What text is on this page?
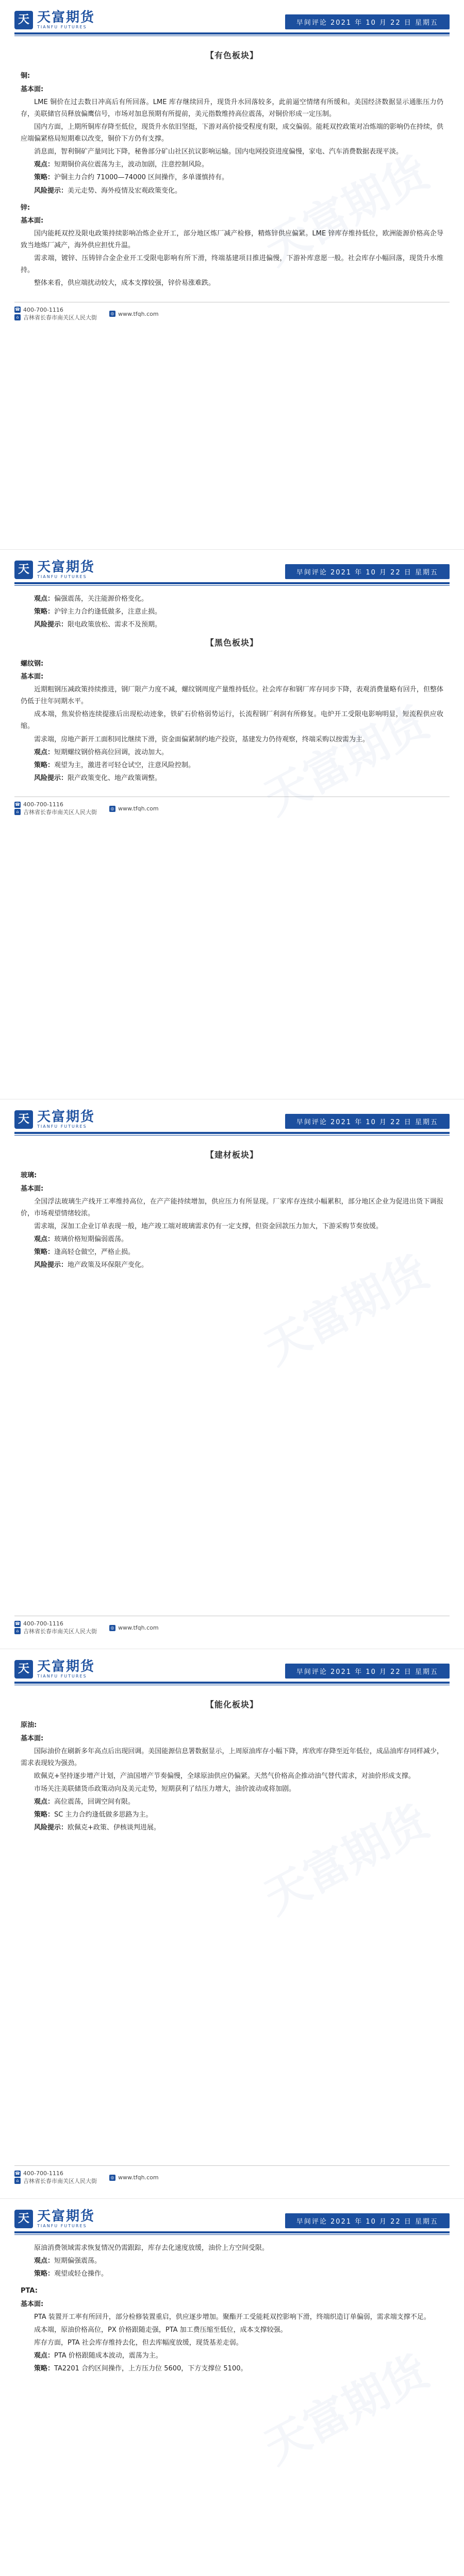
天 天富期货
TIANFU FUTURES
早间评论 2021 年 10 月 22 日 星期五
【有色板块】
铜:
基本面:

LME 铜价在过去数日冲高后有所回落。LME 库存继续回升，现货升水回落较多，此前逼空情绪有所缓和。美国经济数据显示通胀压力仍存，美联储官员释放偏鹰信号，市场对加息预期有所提前，美元指数维持高位震荡，对铜价形成一定压制。

国内方面，上期所铜库存降至低位，现货升水依旧坚挺，下游对高价接受程度有限，成交偏弱。能耗双控政策对冶炼端的影响仍在持续，供应端偏紧格局短期难以改变，铜价下方仍有支撑。

消息面，智利铜矿产量同比下降，秘鲁部分矿山社区抗议影响运输。国内电网投资进度偏慢，家电、汽车消费数据表现平淡。

观点：短期铜价高位震荡为主，波动加剧，注意控制风险。

策略：沪铜主力合约 71000—74000 区间操作，多单谨慎持有。

风险提示：美元走势、海外疫情及宏观政策变化。

锌:
基本面:

国内能耗双控及限电政策持续影响冶炼企业开工，部分地区炼厂减产检修，精炼锌供应偏紧。LME 锌库存维持低位，欧洲能源价格高企导致当地炼厂减产，海外供应担忧升温。

需求端，镀锌、压铸锌合金企业开工受限电影响有所下滑，终端基建项目推进偏慢，下游补库意愿一般。社会库存小幅回落，现货升水维持。

整体来看，供应端扰动较大，成本支撑较强，锌价易涨难跌。

☎ 400-700-1116
⌂ 吉林省长春市南关区人民大街
◎ www.tfqh.com
天 天富期货
TIANFU FUTURES
早间评论 2021 年 10 月 22 日 星期五

观点：偏强震荡，关注能源价格变化。

策略：沪锌主力合约逢低做多，注意止损。

风险提示：限电政策放松、需求不及预期。

【黑色板块】
螺纹钢:
基本面:

近期粗钢压减政策持续推进，钢厂限产力度不减，螺纹钢周度产量维持低位。社会库存和钢厂库存同步下降，表观消费量略有回升，但整体仍低于往年同期水平。

成本端，焦炭价格连续提涨后出现松动迹象，铁矿石价格弱势运行，长流程钢厂利润有所修复。电炉开工受限电影响明显，短流程供应收缩。

需求端，房地产新开工面积同比继续下滑，资金面偏紧制约地产投资，基建发力仍待观察，终端采购以按需为主。

观点：短期螺纹钢价格高位回调，波动加大。

策略：观望为主，激进者可轻仓试空，注意风险控制。

风险提示：限产政策变化、地产政策调整。

☎ 400-700-1116
⌂ 吉林省长春市南关区人民大街
◎ www.tfqh.com
天 天富期货
TIANFU FUTURES
早间评论 2021 年 10 月 22 日 星期五
【建材板块】
玻璃:
基本面:

全国浮法玻璃生产线开工率维持高位，在产产能持续增加，供应压力有所显现。厂家库存连续小幅累积，部分地区企业为促进出货下调报价，市场观望情绪较浓。

需求端，深加工企业订单表现一般，地产竣工端对玻璃需求仍有一定支撑，但资金回款压力加大，下游采购节奏放缓。

观点：玻璃价格短期偏弱震荡。

策略：逢高轻仓做空，严格止损。

风险提示：地产政策及环保限产变化。

☎ 400-700-1116
⌂ 吉林省长春市南关区人民大街
◎ www.tfqh.com
天 天富期货
TIANFU FUTURES
早间评论 2021 年 10 月 22 日 星期五
【能化板块】
原油:
基本面:

国际油价在刷新多年高点后出现回调。美国能源信息署数据显示，上周原油库存小幅下降，库欣库存降至近年低位，成品油库存同样减少，需求表现较为强劲。

欧佩克+坚持逐步增产计划，产油国增产节奏偏慢，全球原油供应仍偏紧。天然气价格高企推动油气替代需求，对油价形成支撑。

市场关注美联储货币政策动向及美元走势，短期获利了结压力增大，油价波动或将加剧。

观点：高位震荡，回调空间有限。

策略：SC 主力合约逢低做多思路为主。

风险提示：欧佩克+政策、伊核谈判进展。

☎ 400-700-1116
⌂ 吉林省长春市南关区人民大街
◎ www.tfqh.com
天 天富期货
TIANFU FUTURES
早间评论 2021 年 10 月 22 日 星期五

原油消费领域需求恢复情况仍需跟踪，库存去化速度放缓，油价上方空间受限。

观点：短期偏强震荡。

策略：观望或轻仓操作。

PTA:
基本面:

PTA 装置开工率有所回升，部分检修装置重启，供应逐步增加。聚酯开工受能耗双控影响下滑，终端织造订单偏弱，需求端支撑不足。

成本端，原油价格高位，PX 价格跟随走强，PTA 加工费压缩至低位，成本支撑较强。

库存方面，PTA 社会库存维持去化，但去库幅度放缓，现货基差走弱。

观点：PTA 价格跟随成本波动，震荡为主。

策略：TA2201 合约区间操作，上方压力位 5600，下方支撑位 5100。
